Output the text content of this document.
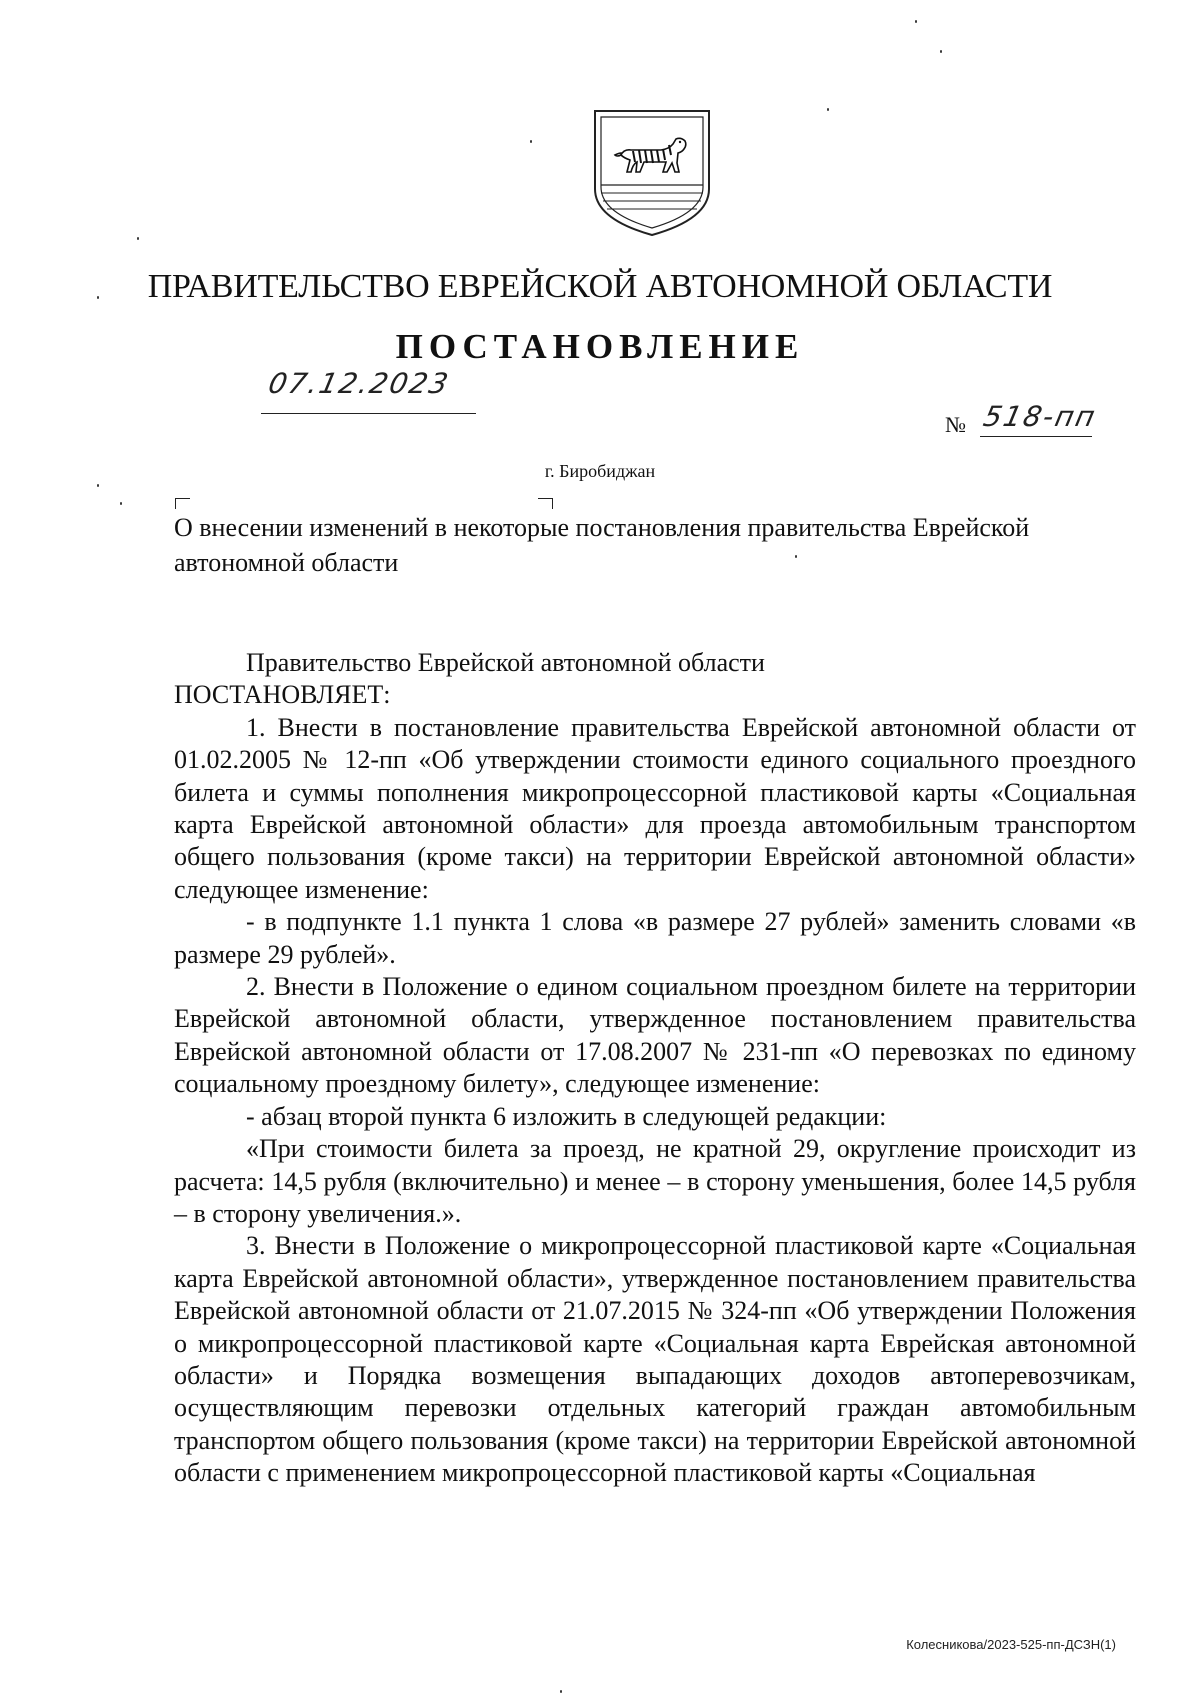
ПРАВИТЕЛЬСТВО ЕВРЕЙСКОЙ АВТОНОМНОЙ ОБЛАСТИ
ПОСТАНОВЛЕНИЕ
07.12.2023
№ 518-пп
г. Биробиджан
О внесении изменений в некоторые постановления правительства Еврейской автономной области

Правительство Еврейской автономной области

ПОСТАНОВЛЯЕТ:

1. Внести в постановление правительства Еврейской автономной области от 01.02.2005 № 12-пп «Об утверждении стоимости единого социального проездного билета и суммы пополнения микропроцессорной пластиковой карты «Социальная карта Еврейской автономной области» для проезда автомобильным транспортом общего пользования (кроме такси) на территории Еврейской автономной области» следующее изменение:

- в подпункте 1.1 пункта 1 слова «в размере 27 рублей» заменить словами «в размере 29 рублей».

2. Внести в Положение о едином социальном проездном билете на территории Еврейской автономной области, утвержденное постановлением правительства Еврейской автономной области от 17.08.2007 № 231-пп «О перевозках по единому социальному проездному билету», следующее изменение:

- абзац второй пункта 6 изложить в следующей редакции:

«При стоимости билета за проезд, не кратной 29, округление происходит из расчета: 14,5 рубля (включительно) и менее – в сторону уменьшения, более 14,5 рубля – в сторону увеличения.».

3. Внести в Положение о микропроцессорной пластиковой карте «Социальная карта Еврейской автономной области», утвержденное постановлением правительства Еврейской автономной области от 21.07.2015 № 324-пп «Об утверждении Положения о микропроцессорной пластиковой карте «Социальная карта Еврейская автономной области» и Порядка возмещения выпадающих доходов автоперевозчикам, осуществляющим перевозки отдельных категорий граждан автомобильным транспортом общего пользования (кроме такси) на территории Еврейской автономной области с применением микропроцессорной пластиковой карты «Социальная

Колесникова/2023-525-пп-ДСЗН(1)
